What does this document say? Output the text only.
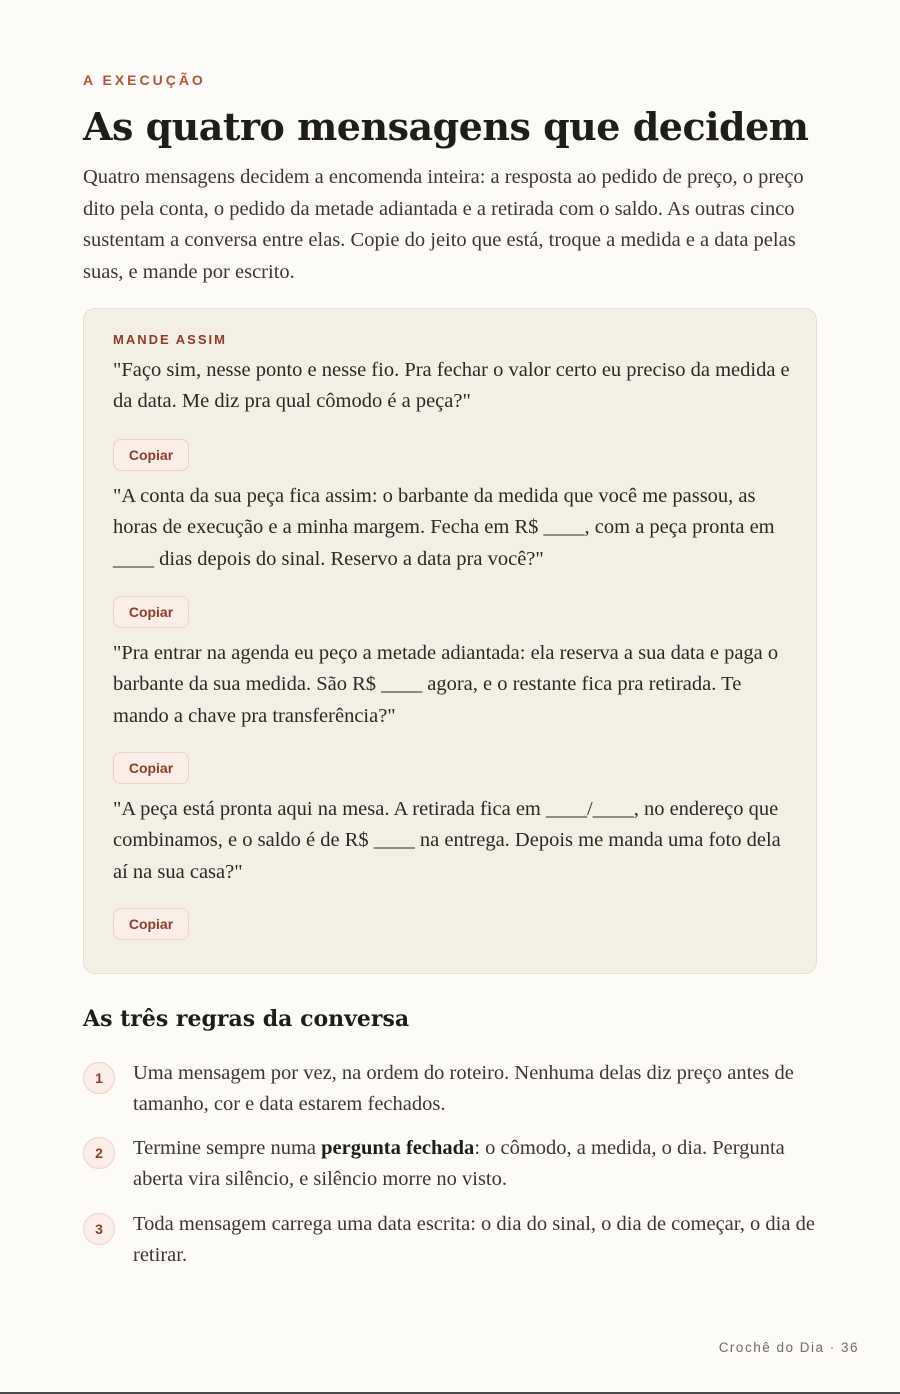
A EXECUÇÃO
As quatro mensagens que decidem

Quatro mensagens decidem a encomenda inteira: a resposta ao pedido de preço, o preço dito pela conta, o pedido da metade adiantada e a retirada com o saldo. As outras cinco sustentam a conversa entre elas. Copie do jeito que está, troque a medida e a data pelas suas, e mande por escrito.

MANDE ASSIM

"Faço sim, nesse ponto e nesse fio. Pra fechar o valor certo eu preciso da medida e da data. Me diz pra qual cômodo é a peça?"

Copiar

"A conta da sua peça fica assim: o barbante da medida que você me passou, as horas de execução e a minha margem. Fecha em R$ ____, com a peça pronta em ____ dias depois do sinal. Reservo a data pra você?"

Copiar

"Pra entrar na agenda eu peço a metade adiantada: ela reserva a sua data e paga o barbante da sua medida. São R$ ____ agora, e o restante fica pra retirada. Te mando a chave pra transferência?"

Copiar

"A peça está pronta aqui na mesa. A retirada fica em ____/____, no endereço que combinamos, e o saldo é de R$ ____ na entrega. Depois me manda uma foto dela aí na sua casa?"

Copiar
As três regras da conversa
1	Uma mensagem por vez, na ordem do roteiro. Nenhuma delas diz preço antes de tamanho, cor e data estarem fechados.

2	Termine sempre numa pergunta fechada: o cômodo, a medida, o dia. Pergunta aberta vira silêncio, e silêncio morre no visto.

3	Toda mensagem carrega uma data escrita: o dia do sinal, o dia de começar, o dia de retirar.

Crochê do Dia · 36
